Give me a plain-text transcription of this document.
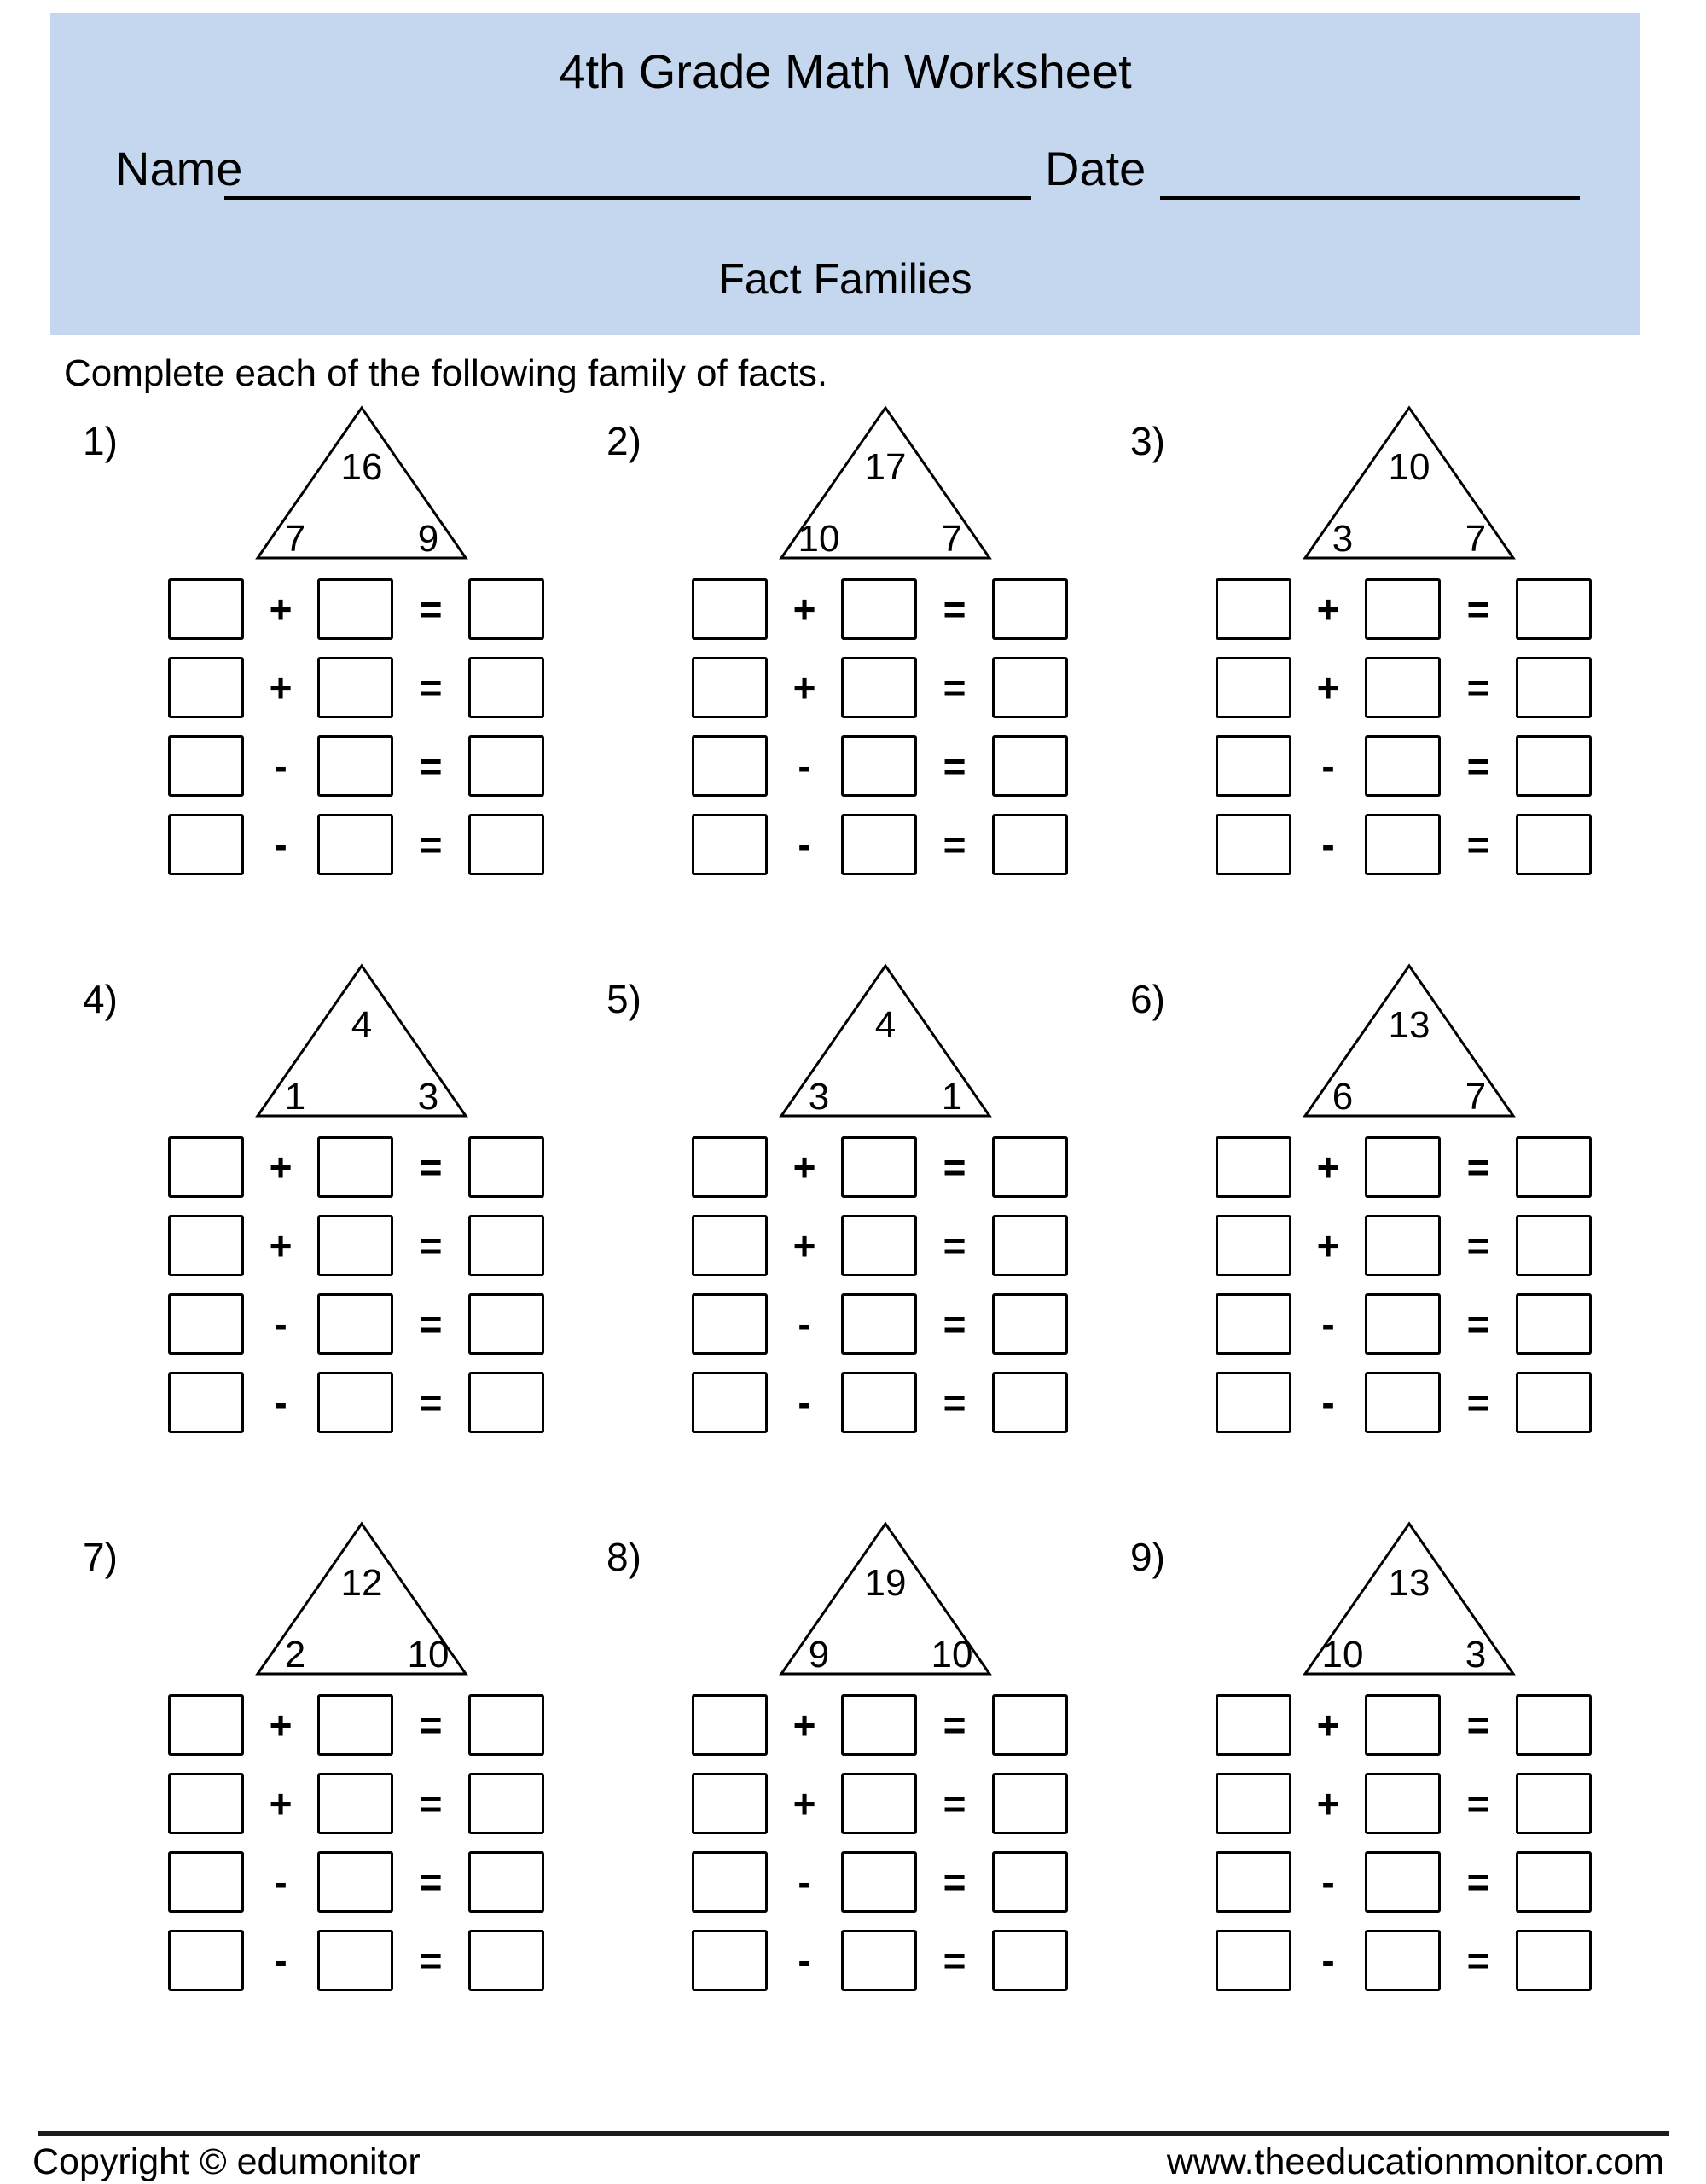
4th Grade Math Worksheet
Name	Date
Fact Families
Complete each of the following family of facts.
1)
16
7	9
+	=
+	=
-	=
-	=
2)
17
10	7
+	=
+	=
-	=
-	=
3)
10
3	7
+	=
+	=
-	=
-	=
4)
4
1	3
+	=
+	=
-	=
-	=
5)
4
3	1
+	=
+	=
-	=
-	=
6)
13
6	7
+	=
+	=
-	=
-	=
7)
12
2	10
+	=
+	=
-	=
-	=
8)
19
9	10
+	=
+	=
-	=
-	=
9)
13
10	3
+	=
+	=
-	=
-	=
Copyright © edumonitor	www.theeducationmonitor.com
